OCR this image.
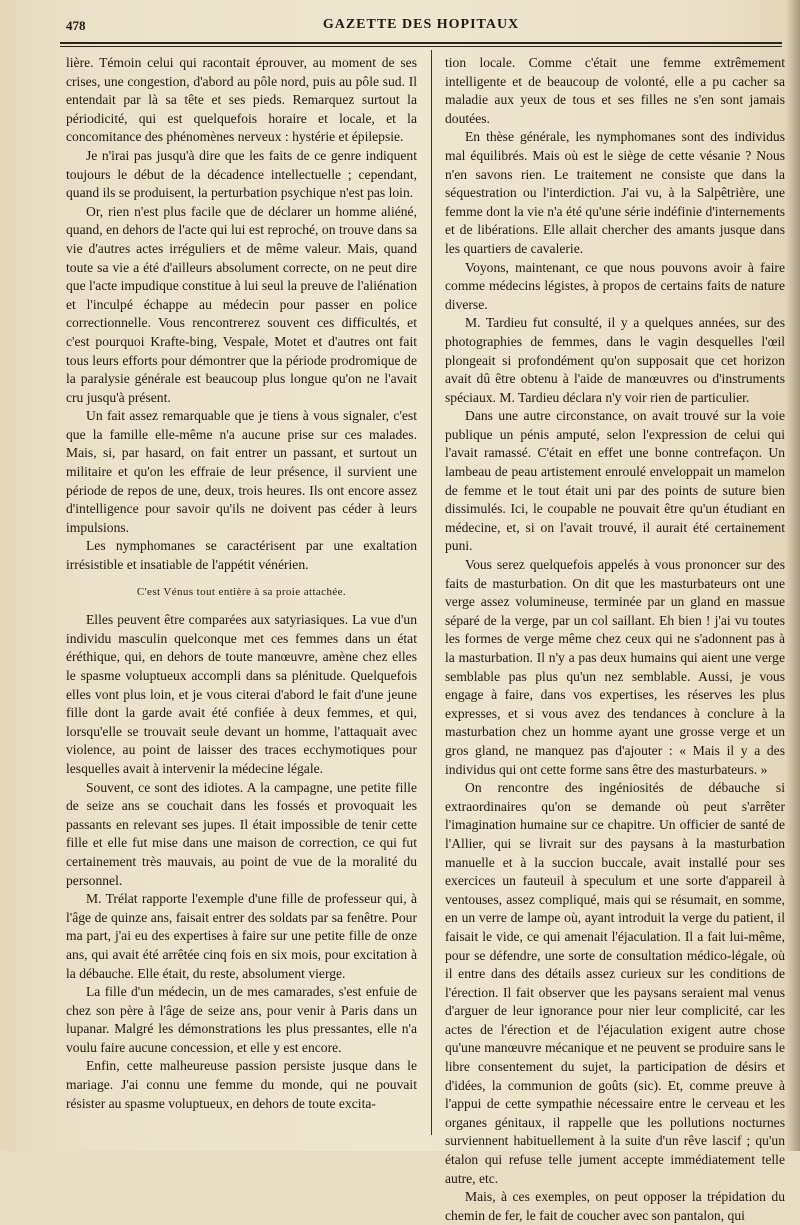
478	GAZETTE DES HOPITAUX

lière. Témoin celui qui racontait éprouver, au moment de ses crises, une congestion, d'abord au pôle nord, puis au pôle sud. Il entendait par là sa tête et ses pieds. Remarquez surtout la périodicité, qui est quelquefois horaire et locale, et la concomitance des phénomènes nerveux : hystérie et épilepsie.

Je n'irai pas jusqu'à dire que les faits de ce genre indiquent toujours le début de la décadence intellectuelle ; cependant, quand ils se produisent, la perturbation psychique n'est pas loin.

Or, rien n'est plus facile que de déclarer un homme aliéné, quand, en dehors de l'acte qui lui est reproché, on trouve dans sa vie d'autres actes irréguliers et de même valeur. Mais, quand toute sa vie a été d'ailleurs absolument correcte, on ne peut dire que l'acte impudique constitue à lui seul la preuve de l'aliénation et l'inculpé échappe au médecin pour passer en police correctionnelle. Vous rencontrerez souvent ces difficultés, et c'est pourquoi Krafte-bing, Vespale, Motet et d'autres ont fait tous leurs efforts pour démontrer que la période prodromique de la paralysie générale est beaucoup plus longue qu'on ne l'avait cru jusqu'à présent.

Un fait assez remarquable que je tiens à vous signaler, c'est que la famille elle-même n'a aucune prise sur ces malades. Mais, si, par hasard, on fait entrer un passant, et surtout un militaire et qu'on les effraie de leur présence, il survient une période de repos de une, deux, trois heures. Ils ont encore assez d'intelligence pour savoir qu'ils ne doivent pas céder à leurs impulsions.

Les nymphomanes se caractérisent par une exaltation irrésistible et insatiable de l'appétit vénérien.

C'est Vénus tout entière à sa proie attachée.

Elles peuvent être comparées aux satyriasiques. La vue d'un individu masculin quelconque met ces femmes dans un état éréthique, qui, en dehors de toute manœuvre, amène chez elles le spasme voluptueux accompli dans sa plénitude. Quelquefois elles vont plus loin, et je vous citerai d'abord le fait d'une jeune fille dont la garde avait été confiée à deux femmes, et qui, lorsqu'elle se trouvait seule devant un homme, l'attaquait avec violence, au point de laisser des traces ecchymotiques pour lesquelles avait à intervenir la médecine légale.

Souvent, ce sont des idiotes. A la campagne, une petite fille de seize ans se couchait dans les fossés et provoquait les passants en relevant ses jupes. Il était impossible de tenir cette fille et elle fut mise dans une maison de correction, ce qui fut certainement très mauvais, au point de vue de la moralité du personnel.

M. Trélat rapporte l'exemple d'une fille de professeur qui, à l'âge de quinze ans, faisait entrer des soldats par sa fenêtre. Pour ma part, j'ai eu des expertises à faire sur une petite fille de onze ans, qui avait été arrêtée cinq fois en six mois, pour excitation à la débauche. Elle était, du reste, absolument vierge.

La fille d'un médecin, un de mes camarades, s'est enfuie de chez son père à l'âge de seize ans, pour venir à Paris dans un lupanar. Malgré les démonstrations les plus pressantes, elle n'a voulu faire aucune concession, et elle y est encore.

Enfin, cette malheureuse passion persiste jusque dans le mariage. J'ai connu une femme du monde, qui ne pouvait résister au spasme voluptueux, en dehors de toute excita-

tion locale. Comme c'était une femme extrêmement intelligente et de beaucoup de volonté, elle a pu cacher sa maladie aux yeux de tous et ses filles ne s'en sont jamais doutées.

En thèse générale, les nymphomanes sont des individus mal équilibrés. Mais où est le siège de cette vésanie ? Nous n'en savons rien. Le traitement ne consiste que dans la séquestration ou l'interdiction. J'ai vu, à la Salpêtrière, une femme dont la vie n'a été qu'une série indéfinie d'internements et de libérations. Elle allait chercher des amants jusque dans les quartiers de cavalerie.

Voyons, maintenant, ce que nous pouvons avoir à faire comme médecins légistes, à propos de certains faits de nature diverse.

M. Tardieu fut consulté, il y a quelques années, sur des photographies de femmes, dans le vagin desquelles l'œil plongeait si profondément qu'on supposait que cet horizon avait dû être obtenu à l'aide de manœuvres ou d'instruments spéciaux. M. Tardieu déclara n'y voir rien de particulier.

Dans une autre circonstance, on avait trouvé sur la voie publique un pénis amputé, selon l'expression de celui qui l'avait ramassé. C'était en effet une bonne contrefaçon. Un lambeau de peau artistement enroulé enveloppait un mamelon de femme et le tout était uni par des points de suture bien dissimulés. Ici, le coupable ne pouvait être qu'un étudiant en médecine, et, si on l'avait trouvé, il aurait été certainement puni.

Vous serez quelquefois appelés à vous prononcer sur des faits de masturbation. On dit que les masturbateurs ont une verge assez volumineuse, terminée par un gland en massue séparé de la verge, par un col saillant. Eh bien ! j'ai vu toutes les formes de verge même chez ceux qui ne s'adonnent pas à la masturbation. Il n'y a pas deux humains qui aient une verge semblable pas plus qu'un nez semblable. Aussi, je vous engage à faire, dans vos expertises, les réserves les plus expresses, et si vous avez des tendances à conclure à la masturbation chez un homme ayant une grosse verge et un gros gland, ne manquez pas d'ajouter : « Mais il y a des individus qui ont cette forme sans être des masturbateurs. »

On rencontre des ingéniosités de débauche si extraordinaires qu'on se demande où peut s'arrêter l'imagination humaine sur ce chapitre. Un officier de santé de l'Allier, qui se livrait sur des paysans à la masturbation manuelle et à la succion buccale, avait installé pour ses exercices un fauteuil à speculum et une sorte d'appareil à ventouses, assez compliqué, mais qui se résumait, en somme, en un verre de lampe où, ayant introduit la verge du patient, il faisait le vide, ce qui amenait l'éjaculation. Il a fait lui-même, pour se défendre, une sorte de consultation médico-légale, où il entre dans des détails assez curieux sur les conditions de l'érection. Il fait observer que les paysans seraient mal venus d'arguer de leur ignorance pour nier leur complicité, car les actes de l'érection et de l'éjaculation exigent autre chose qu'une manœuvre mécanique et ne peuvent se produire sans le libre consentement du sujet, la participation de désirs et d'idées, la communion de goûts (sic). Et, comme preuve à l'appui de cette sympathie nécessaire entre le cerveau et les organes génitaux, il rappelle que les pollutions nocturnes surviennent habituellement à la suite d'un rêve lascif ; qu'un étalon qui refuse telle jument accepte immédiatement telle autre, etc.

Mais, à ces exemples, on peut opposer la trépidation du chemin de fer, le fait de coucher avec son pantalon, qui
